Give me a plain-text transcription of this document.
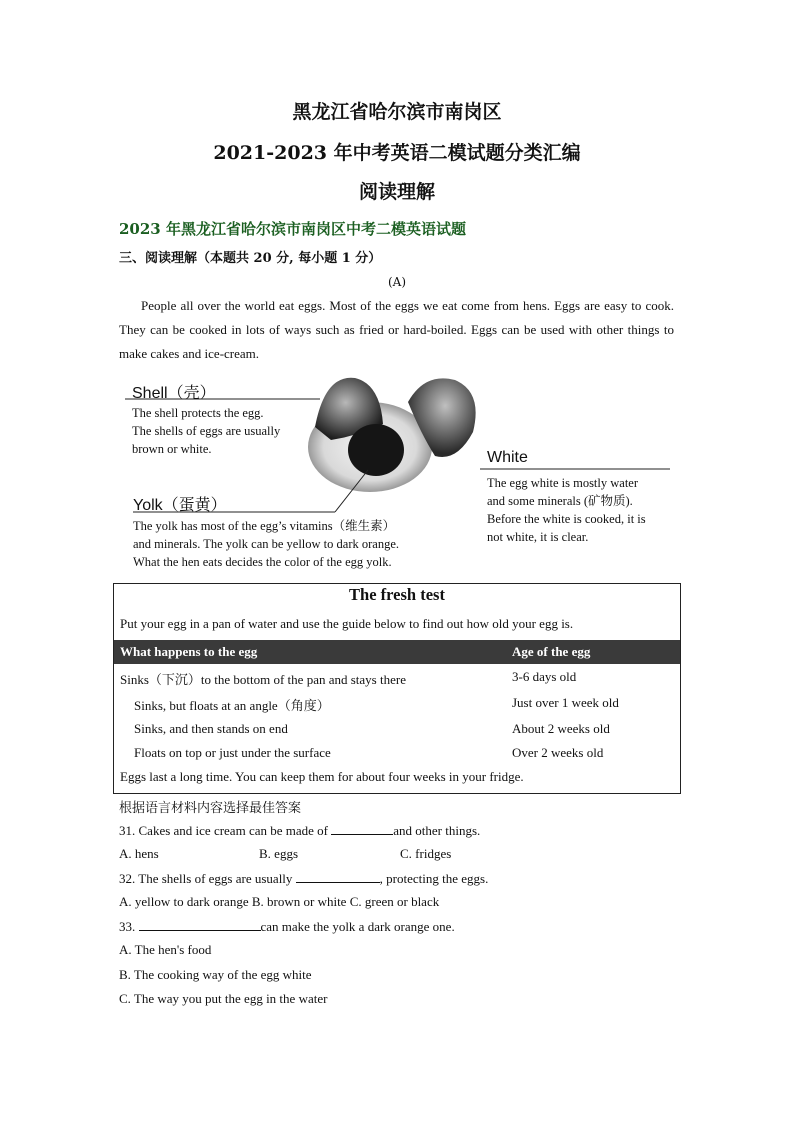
黑龙江省哈尔滨市南岗区
2021-2023 年中考英语二模试题分类汇编
阅读理解
2023 年黑龙江省哈尔滨市南岗区中考二模英语试题
三、阅读理解（本题共 20 分, 每小题 1 分）
(A)

People all over the world eat eggs. Most of the eggs we eat come from hens. Eggs are easy to cook. They can be cooked in lots of ways such as fried or hard-boiled. Eggs can be used with other things to make cakes and ice-cream.

Shell（壳）
The shell protects the egg.
The shells of eggs are usually
brown or white.	White
The egg white is mostly water
and some minerals (矿物质).
Before the white is cooked, it is
not white, it is clear.
Yolk（蛋黄）
The yolk has most of the egg’s vitamins（维生素）
and minerals. The yolk can be yellow to dark orange.
What the hen eats decides the color of the egg yolk.
The fresh test
Put your egg in a pan of water and use the guide below to find out how old your egg is.
What happens to the egg	Age of the egg
Sinks（下沉）to the bottom of the pan and stays there	3-6 days old
Sinks, but floats at an angle（角度）	Just over 1 week old
Sinks, and then stands on end	About 2 weeks old
Floats on top or just under the surface	Over 2 weeks old
Eggs last a long time. You can keep them for about four weeks in your fridge.
根据语言材料内容选择最佳答案
31. Cakes and ice cream can be made of	and other things.
A. hens	B. eggs	C. fridges
32. The shells of eggs are usually	, protecting the eggs.
A. yellow to dark orange B. brown or white C. green or black
33.	can make the yolk a dark orange one.
A. The hen's food
B. The cooking way of the egg white
C. The way you put the egg in the water
